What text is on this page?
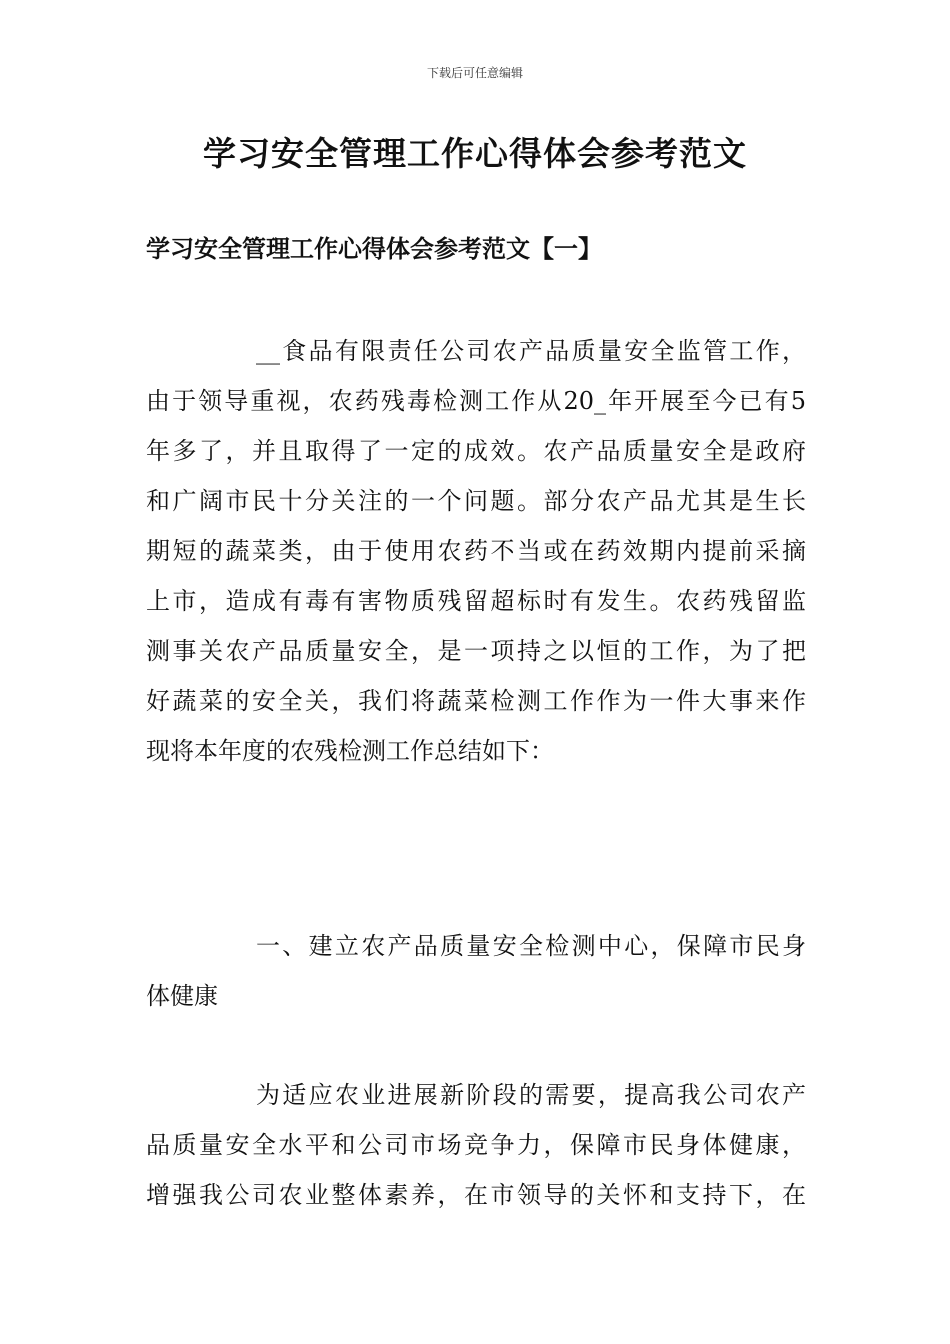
下载后可任意编辑
学习安全管理工作心得体会参考范文
学习安全管理工作心得体会参考范文【一】
__食品有限责任公司农产品质量安全监管工作，
由于领导重视，农药残毒检测工作从20_年开展至今已有5
年多了，并且取得了一定的成效。农产品质量安全是政府
和广阔市民十分关注的一个问题。部分农产品尤其是生长
期短的蔬菜类，由于使用农药不当或在药效期内提前采摘
上市，造成有毒有害物质残留超标时有发生。农药残留监
测事关农产品质量安全，是一项持之以恒的工作，为了把
好蔬菜的安全关，我们将蔬菜检测工作作为一件大事来作
现将本年度的农残检测工作总结如下：
一、建立农产品质量安全检测中心，保障市民身
体健康
为适应农业进展新阶段的需要，提高我公司农产
品质量安全水平和公司市场竞争力，保障市民身体健康，
增强我公司农业整体素养，在市领导的关怀和支持下，在
